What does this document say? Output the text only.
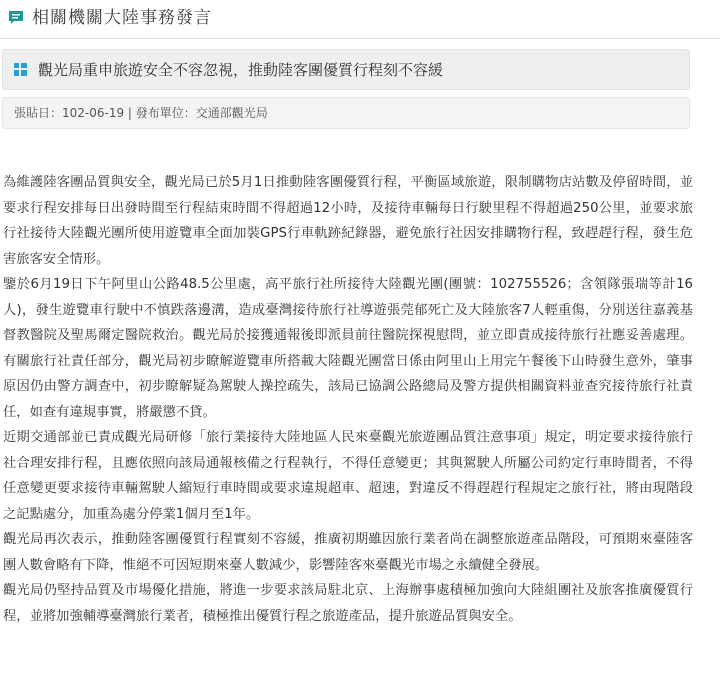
相關機關大陸事務發言
觀光局重申旅遊安全不容忽視，推動陸客團優質行程刻不容緩
張貼日：102-06-19 | 發布單位：交通部觀光局

為維護陸客團品質與安全，觀光局已於5月1日推動陸客團優質行程，平衡區域旅遊，限制購物店站數及停留時間，並要求行程安排每日出發時間至行程結束時間不得超過12小時，及接待車輛每日行駛里程不得超過250公里，並要求旅行社接待大陸觀光團所使用遊覽車全面加裝GPS行車軌跡紀錄器，避免旅行社因安排購物行程，致趕趕行程，發生危害旅客安全情形。

鑒於6月19日下午阿里山公路48.5公里處，高平旅行社所接待大陸觀光團(團號：102755526；含領隊張瑞等計16人)，發生遊覽車行駛中不慎跌落邊溝，造成臺灣接待旅行社導遊張莞郁死亡及大陸旅客7人輕重傷，分別送往嘉義基督教醫院及聖馬爾定醫院救治。觀光局於接獲通報後即派員前往醫院探視慰問，並立即責成接待旅行社應妥善處理。有關旅行社責任部分，觀光局初步瞭解遊覽車所搭載大陸觀光團當日係由阿里山上用完午餐後下山時發生意外，肇事原因仍由警方調查中，初步瞭解疑為駕駛人操控疏失，該局已協調公路總局及警方提供相關資料並查究接待旅行社責任，如查有違規事實，將嚴懲不貸。

近期交通部並已責成觀光局研修「旅行業接待大陸地區人民來臺觀光旅遊團品質注意事項」規定，明定要求接待旅行社合理安排行程，且應依照向該局通報核備之行程執行，不得任意變更；其與駕駛人所屬公司約定行車時間者，不得任意變更要求接待車輛駕駛人縮短行車時間或要求違規超車、超速，對違反不得趕趕行程規定之旅行社，將由現階段之記點處分，加重為處分停業1個月至1年。

觀光局再次表示，推動陸客團優質行程實刻不容緩，推廣初期雖因旅行業者尚在調整旅遊產品階段，可預期來臺陸客團人數會略有下降，惟絕不可因短期來臺人數減少，影響陸客來臺觀光市場之永續健全發展。

觀光局仍堅持品質及市場優化措施，將進一步要求該局駐北京、上海辦事處積極加強向大陸組團社及旅客推廣優質行程，並將加強輔導臺灣旅行業者，積極推出優質行程之旅遊產品，提升旅遊品質與安全。
